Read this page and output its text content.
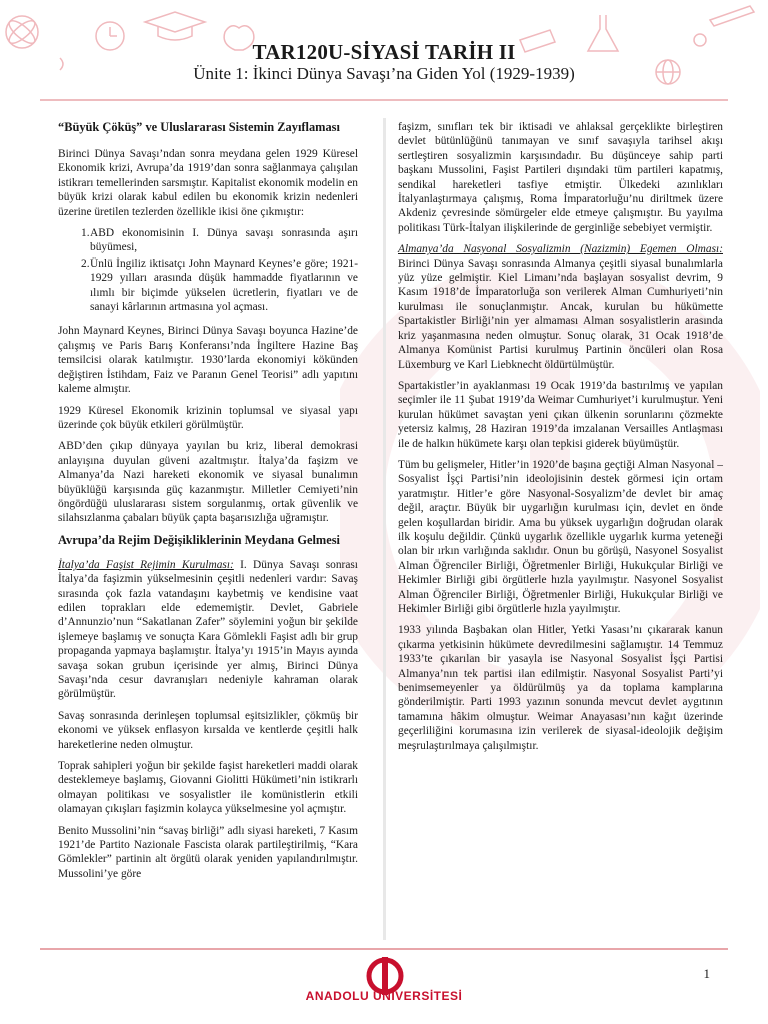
TAR120U-SİYASİ TARİH II
Ünite 1: İkinci Dünya Savaşı’na Giden Yol (1929-1939)
“Büyük Çöküş” ve Uluslararası Sistemin Zayıflaması

Birinci Dünya Savaşı’ndan sonra meydana gelen 1929 Küresel Ekonomik krizi, Avrupa’da 1919’dan sonra sağlanmaya çalışılan istikrarı temellerinden sarsmıştır. Kapitalist ekonomik modelin en büyük krizi olarak kabul edilen bu ekonomik krizin nedenleri üzerine üretilen tezlerden özellikle ikisi öne çıkmıştır:

1. ABD ekonomisinin I. Dünya savaşı sonrasında aşırı büyümesi,
2. Ünlü İngiliz iktisatçı John Maynard Keynes’e göre; 1921-1929 yılları arasında düşük hammadde fiyatlarının ve ılımlı bir biçimde yükselen ücretlerin, fiyatları ve de sanayi kârlarının artmasına yol açması.

John Maynard Keynes, Birinci Dünya Savaşı boyunca Hazine’de çalışmış ve Paris Barış Konferansı’nda İngiltere Hazine Baş temsilcisi olarak katılmıştır. 1930’larda ekonomiyi kökünden değiştiren İstihdam, Faiz ve Paranın Genel Teorisi” adlı yapıtını kaleme almıştır.

1929 Küresel Ekonomik krizinin toplumsal ve siyasal yapı üzerinde çok büyük etkileri görülmüştür.

ABD’den çıkıp dünyaya yayılan bu kriz, liberal demokrasi anlayışına duyulan güveni azaltmıştır. İtalya’da faşizm ve Almanya’da Nazi hareketi ekonomik ve siyasal bunalımın büyüklüğü karşısında güç kazanmıştır. Milletler Cemiyeti’nin öngördüğü uluslararası sistem sorgulanmış, ortak güvenlik ve silahsızlanma çabaları büyük çapta başarısızlığa uğramıştır.

Avrupa’da Rejim Değişikliklerinin Meydana Gelmesi

İtalya’da Faşist Rejimin Kurulması: I. Dünya Savaşı sonrası İtalya’da faşizmin yükselmesinin çeşitli nedenleri vardır: Savaş sırasında çok fazla vatandaşını kaybetmiş ve kendisine vaat edilen toprakları elde edememiştir. Devlet, Gabriele d’Annunzio’nun “Sakatlanan Zafer” söylemini yoğun bir şekilde işlemeye başlamış ve sonuçta Kara Gömlekli Faşist adlı bir grup propaganda yapmaya başlamıştır. İtalya’yı 1915’in Mayıs ayında savaşa sokan grubun içerisinde yer almış, Birinci Dünya Savaşı’nda cesur davranışları nedeniyle kahraman olarak görülmüştür.

Savaş sonrasında derinleşen toplumsal eşitsizlikler, çökmüş bir ekonomi ve yüksek enflasyon kırsalda ve kentlerde çeşitli halk hareketlerine neden olmuştur.

Toprak sahipleri yoğun bir şekilde faşist hareketleri maddi olarak desteklemeye başlamış, Giovanni Giolitti Hükümeti’nin istikrarlı olmayan politikası ve sosyalistler ile komünistlerin etkili olamayan çıkışları faşizmin kolayca yükselmesine yol açmıştır.

Benito Mussolini’nin “savaş birliği” adlı siyasi hareketi, 7 Kasım 1921’de Partito Nazionale Fascista olarak partileştirilmiş, “Kara Gömlekler” partinin alt örgütü olarak yeniden yapılandırılmıştır. Mussolini’ye göre

faşizm, sınıfları tek bir iktisadi ve ahlaksal gerçeklikte birleştiren devlet bütünlüğünü tanımayan ve sınıf savaşıyla tarihsel akışı sertleştiren sosyalizmin karşısındadır. Bu düşünceye sahip parti başkanı Mussolini, Faşist Partileri dışındaki tüm partileri kapatmış, sendikal hareketleri tasfiye etmiştir. Ülkedeki azınlıkları İtalyanlaştırmaya çalışmış, Roma İmparatorluğu’nu diriltmek üzere Akdeniz çevresinde sömürgeler elde etmeye çalışmıştır. Bu yayılma politikası Türk-İtalyan ilişkilerinde de gerginliğe sebebiyet vermiştir.

Almanya’da Nasyonal Sosyalizmin (Nazizmin) Egemen Olması: Birinci Dünya Savaşı sonrasında Almanya çeşitli siyasal bunalımlarla yüz yüze gelmiştir. Kiel Limanı’nda başlayan sosyalist devrim, 9 Kasım 1918’de İmparatorluğa son verilerek Alman Cumhuriyeti’nin kurulması ile sonuçlanmıştır. Ancak, kurulan bu hükümette Spartakistler Birliği’nin yer almaması Alman sosyalistlerin arasında kriz yaşanmasına neden olmuştur. Sonuç olarak, 31 Ocak 1918’de Almanya Komünist Partisi kurulmuş Partinin öncüleri olan Rosa Lüxemburg ve Karl Liebknecht öldürtülmüştür.

Spartakistler’in ayaklanması 19 Ocak 1919’da bastırılmış ve yapılan seçimler ile 11 Şubat 1919’da Weimar Cumhuriyet’i kurulmuştur. Yeni kurulan hükümet savaştan yeni çıkan ülkenin sorunlarını çözmekte yetersiz kalmış, 28 Haziran 1919’da imzalanan Versailles Antlaşması ile de halkın hükümete karşı olan tepkisi giderek büyümüştür.

Tüm bu gelişmeler, Hitler’in 1920’de başına geçtiği Alman Nasyonal –Sosyalist İşçi Partisi’nin ideolojisinin destek görmesi için ortam yaratmıştır. Hitler’e göre Nasyonal-Sosyalizm’de devlet bir amaç değil, araçtır. Büyük bir uygarlığın kurulması için, devlet en önde gelen koşullardan biridir. Ama bu yüksek uygarlığın doğrudan olarak ilk koşulu değildir. Çünkü uygarlık özellikle uygarlık kurma yeteneği olan bir ırkın varlığında saklıdır. Onun bu görüşü, Nasyonel Sosyalist Alman Öğrenciler Birliği, Öğretmenler Birliği, Hukukçular Birliği ve Hekimler Birliği gibi örgütlerle hızla yayılmıştır. Nasyonel Sosyalist Alman Öğrenciler Birliği, Öğretmenler Birliği, Hukukçular Birliği ve Hekimler Birliği gibi örgütlerle hızla yayılmıştır.

1933 yılında Başbakan olan Hitler, Yetki Yasası’nı çıkararak kanun çıkarma yetkisinin hükümete devredilmesini sağlamıştır. 14 Temmuz 1933’te çıkarılan bir yasayla ise Nasyonal Sosyalist İşçi Partisi Almanya’nın tek partisi ilan edilmiştir. Nasyonal Sosyalist Parti’yi benimsemeyenler ya öldürülmüş ya da toplama kamplarına gönderilmiştir. Parti 1993 yazının sonunda mevcut devlet aygıtının tamamına hâkim olmuştur. Weimar Anayasası’nın kağıt üzerinde geçerliliğini korumasına izin verilerek de siyasal-ideolojik değişim meşrulaştırılmaya çalışılmıştır.

1
ANADOLU ÜNİVERSİTESİ
